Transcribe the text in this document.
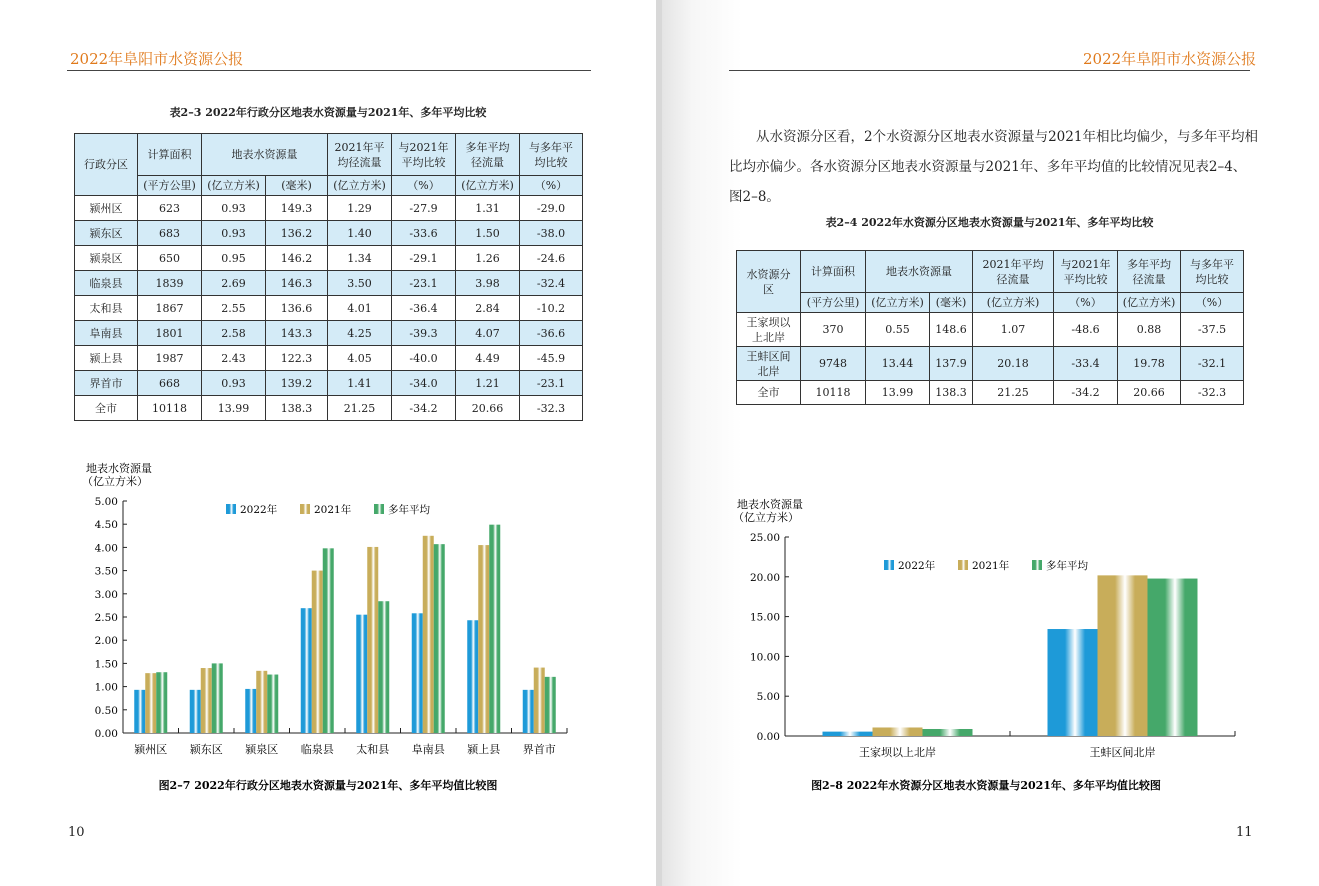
2022年阜阳市水资源公报
表2–3 2022年行政分区地表水资源量与2021年、多年平均比较
行政分区	计算面积	地表水资源量		2021年平均径流量	与2021年平均比较	多年平均径流量	与多年平均比较
	(平方公里)	(亿立方米)	(毫米)	(亿立方米)	（%）	(亿立方米)	（%）
颍州区	623	0.93	149.3	1.29	-27.9	1.31	-29.0
颍东区	683	0.93	136.2	1.40	-33.6	1.50	-38.0
颍泉区	650	0.95	146.2	1.34	-29.1	1.26	-24.6
临泉县	1839	2.69	146.3	3.50	-23.1	3.98	-32.4
太和县	1867	2.55	136.6	4.01	-36.4	2.84	-10.2
阜南县	1801	2.58	143.3	4.25	-39.3	4.07	-36.6
颍上县	1987	2.43	122.3	4.05	-40.0	4.49	-45.9
界首市	668	0.93	139.2	1.41	-34.0	1.21	-23.1
全市	10118	13.99	138.3	21.25	-34.2	20.66	-32.3
地表水资源量
（亿立方米）
0.00
0.50
1.00
1.50
2.00
2.50
3.00
3.50
4.00
4.50
5.00
颍州区 颍东区 颍泉区 临泉县 太和县 阜南县 颍上县 界首市
2022年	2021年	多年平均
图2–7 2022年行政分区地表水资源量与2021年、多年平均值比较图
10
2022年阜阳市水资源公报
从水资源分区看，2个水资源分区地表水资源量与2021年相比均偏少，与多年平均相比均亦偏少。各水资源分区地表水资源量与2021年、多年平均值的比较情况见表2–4、图2–8。
表2–4 2022年水资源分区地表水资源量与2021年、多年平均比较
水资源分区	计算面积	地表水资源量		2021年平均径流量	与2021年平均比较	多年平均径流量	与多年平均比较
	(平方公里)	(亿立方米)	(毫米)	(亿立方米)	（%）	(亿立方米)	（%）
王家坝以上北岸	370	0.55	148.6	1.07	-48.6	0.88	-37.5
王蚌区间北岸	9748	13.44	137.9	20.18	-33.4	19.78	-32.1
全市	10118	13.99	138.3	21.25	-34.2	20.66	-32.3
地表水资源量
（亿立方米）
0.00
5.00
10.00
15.00
20.00
25.00
王家坝以上北岸	王蚌区间北岸
2022年	2021年	多年平均
图2–8 2022年水资源分区地表水资源量与2021年、多年平均值比较图
11
